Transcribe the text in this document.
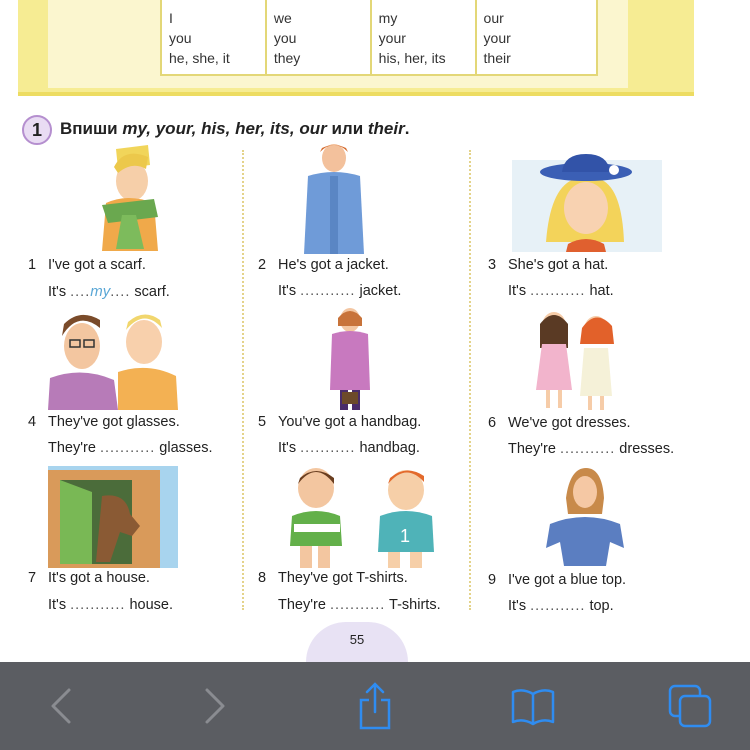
I
you
he, she, it

we
you
they

my
your
his, her, its

our
your
their
1	Впиши my, your, his, her, its, our или their.
1
1 I've got a scarf.
It's ....my.... scarf.
4 They've got glasses.
They're ........... glasses.
7 It's got a house.
It's ........... house.
2 He's got a jacket.
It's ........... jacket.
5 You've got a handbag.
It's ........... handbag.
8 They've got T-shirts.
They're ........... T-shirts.
3 She's got a hat.
It's ........... hat.
6 We've got dresses.
They're ........... dresses.
9 I've got a blue top.
It's ........... top.
55
